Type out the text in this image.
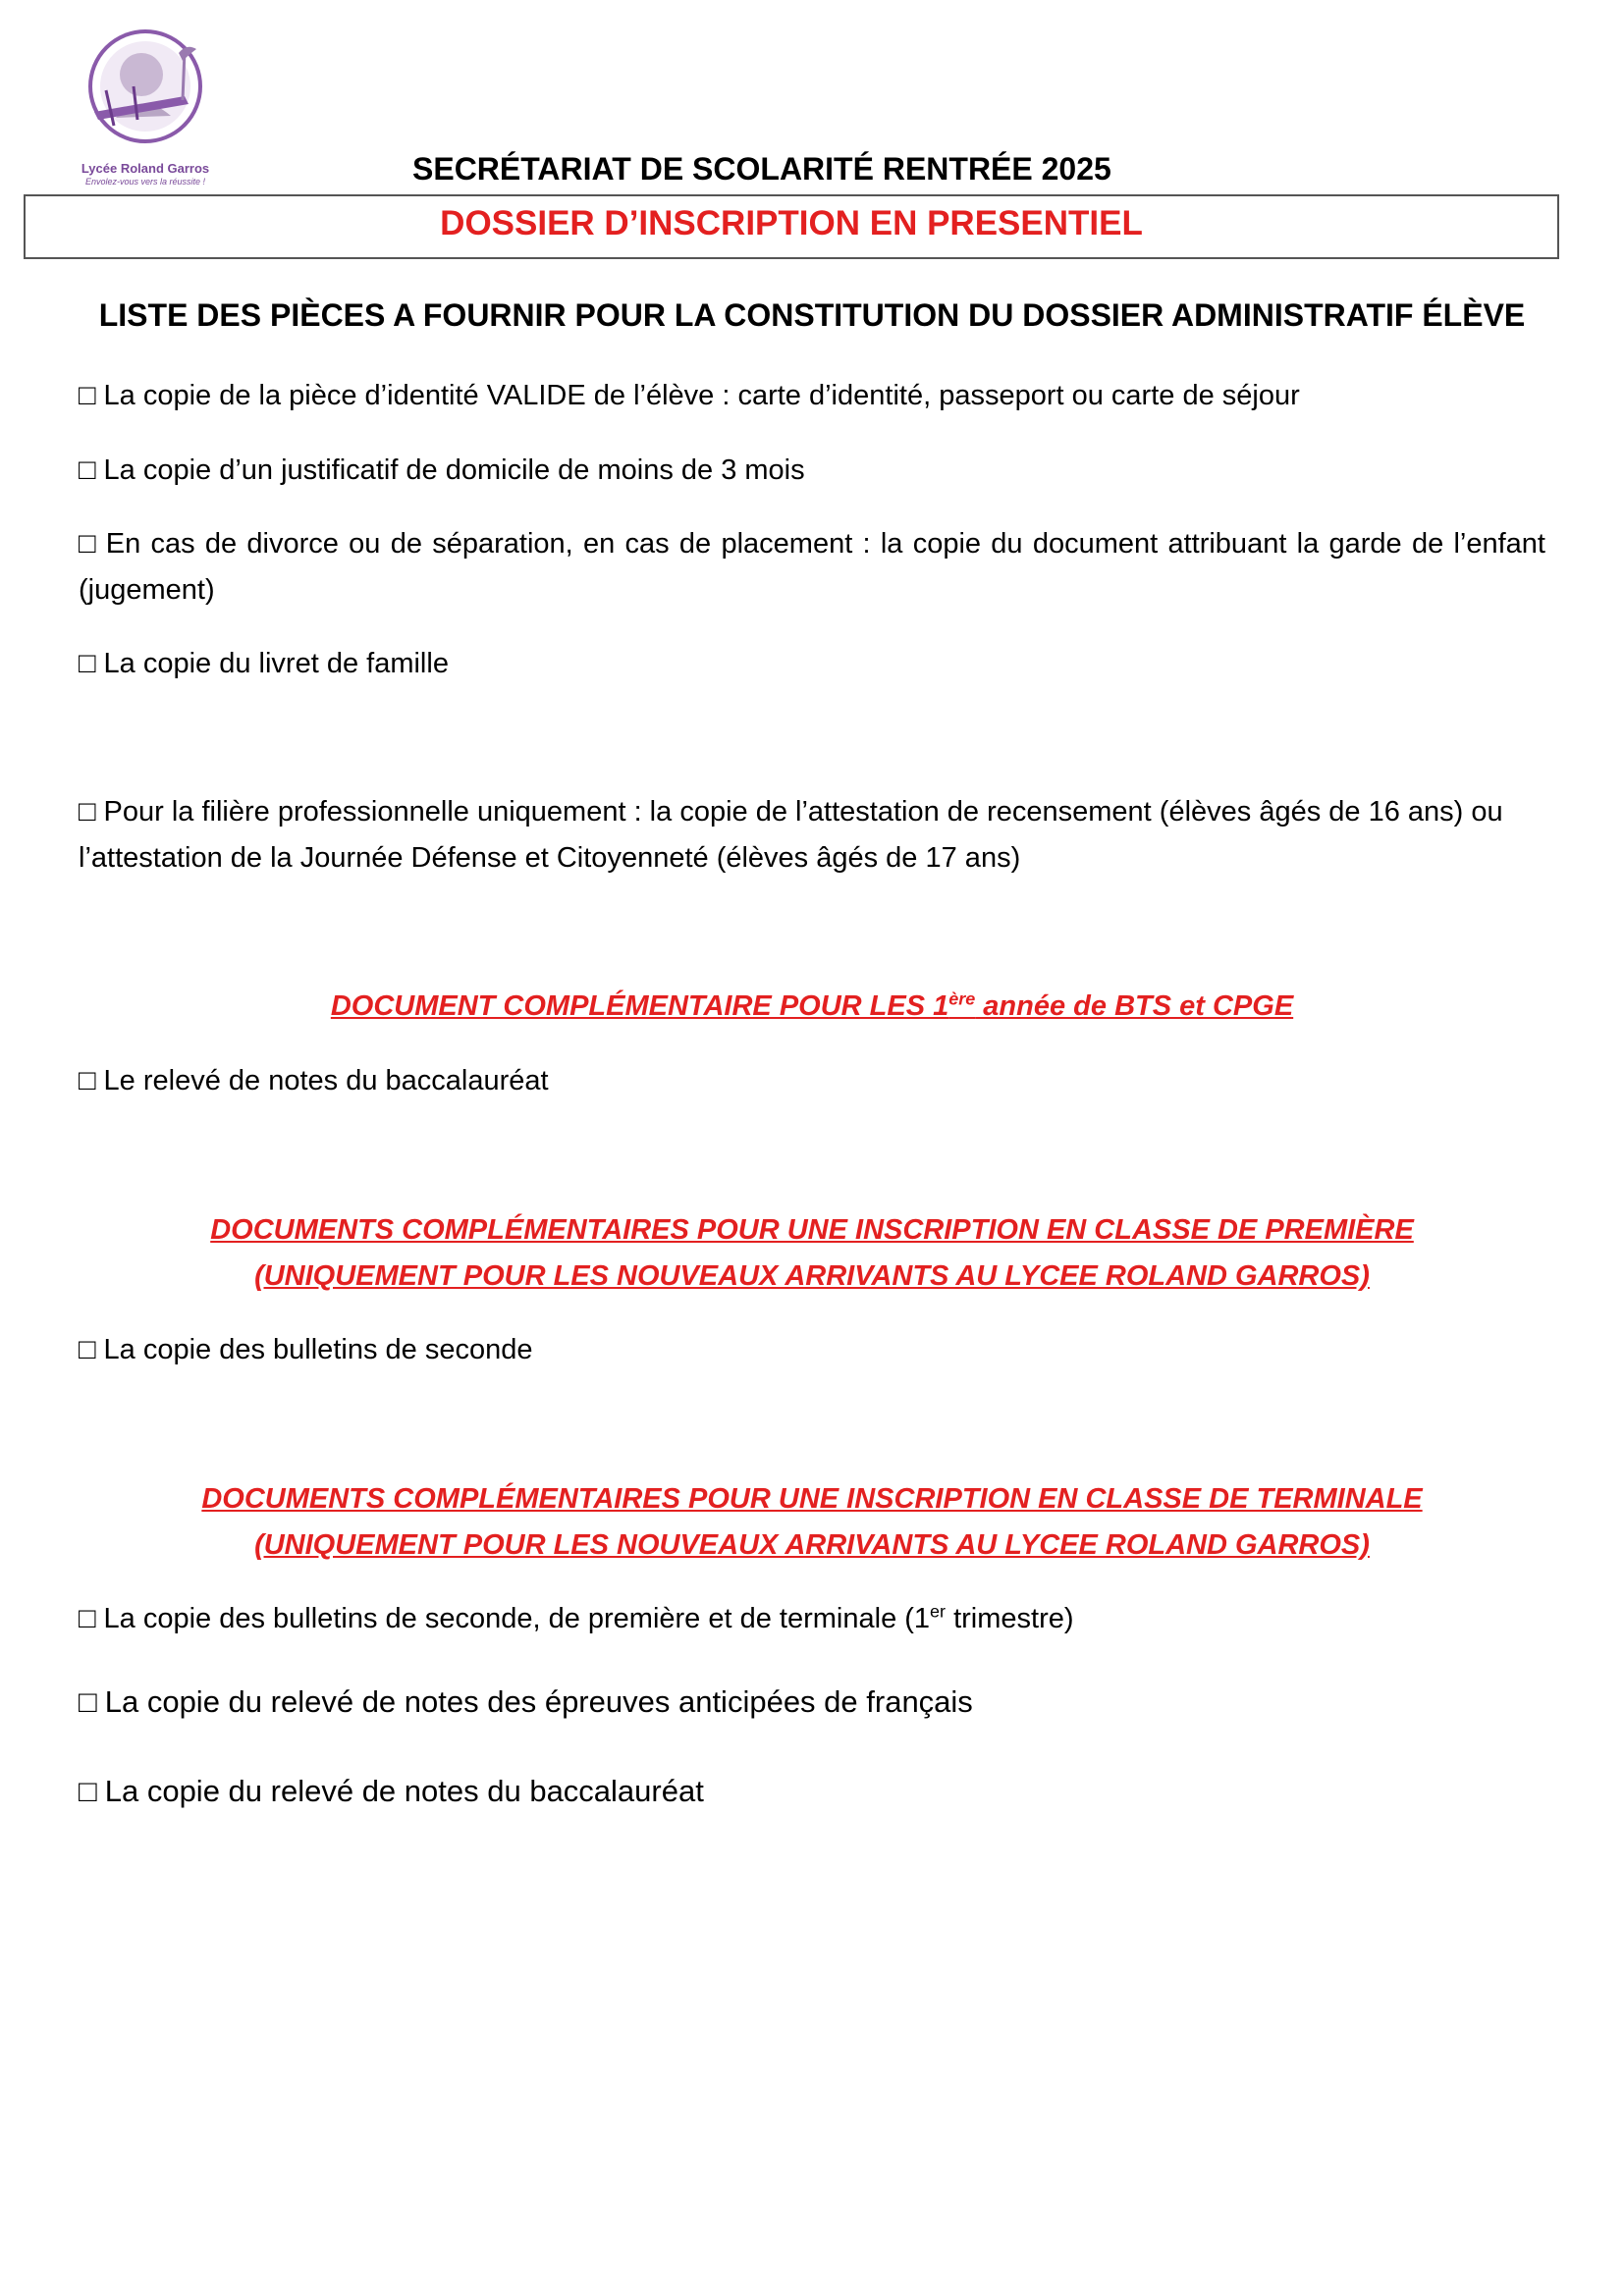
Lycée Roland Garros
Envolez-vous vers la réussite !	SECRÉTARIAT DE SCOLARITÉ RENTRÉE 2025
DOSSIER D’INSCRIPTION EN PRESENTIEL
LISTE DES PIÈCES A FOURNIR POUR LA CONSTITUTION DU DOSSIER ADMINISTRATIF ÉLÈVE
□ La copie de la pièce d’identité VALIDE de l’élève : carte d’identité, passeport ou carte de séjour
□ La copie d’un justificatif de domicile de moins de 3 mois
□ En cas de divorce ou de séparation, en cas de placement : la copie du document attribuant la garde de l’enfant (jugement)
□ La copie du livret de famille
□ Pour la filière professionnelle uniquement : la copie de l’attestation de recensement (élèves âgés de 16 ans) ou l’attestation de la Journée Défense et Citoyenneté (élèves âgés de 17 ans)
DOCUMENT COMPLÉMENTAIRE POUR LES 1ère année de BTS et CPGE
□ Le relevé de notes du baccalauréat
DOCUMENTS COMPLÉMENTAIRES POUR UNE INSCRIPTION EN CLASSE DE PREMIÈRE
(UNIQUEMENT POUR LES NOUVEAUX ARRIVANTS AU LYCEE ROLAND GARROS)
□ La copie des bulletins de seconde
DOCUMENTS COMPLÉMENTAIRES POUR UNE INSCRIPTION EN CLASSE DE TERMINALE
(UNIQUEMENT POUR LES NOUVEAUX ARRIVANTS AU LYCEE ROLAND GARROS)
□ La copie des bulletins de seconde, de première et de terminale (1er trimestre)
□ La copie du relevé de notes des épreuves anticipées de français
□ La copie du relevé de notes du baccalauréat
